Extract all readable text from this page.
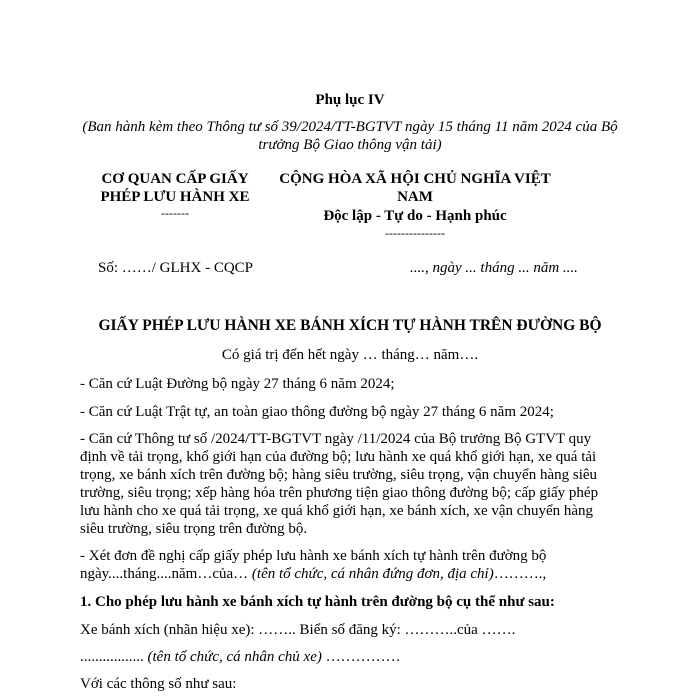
Phụ lục IV
(Ban hành kèm theo Thông tư số 39/2024/TT-BGTVT ngày 15 tháng 11 năm 2024 của Bộ
trưởng Bộ Giao thông vận tải)
CƠ QUAN CẤP GIẤY
PHÉP LƯU HÀNH XE
-------
CỘNG HÒA XÃ HỘI CHỦ NGHĨA VIỆT
NAM
Độc lập - Tự do - Hạnh phúc
---------------
Số: ……/ GLHX - CQCP	...., ngày ... tháng ... năm ....
GIẤY PHÉP LƯU HÀNH XE BÁNH XÍCH TỰ HÀNH TRÊN ĐƯỜNG BỘ
Có giá trị đến hết ngày … tháng… năm….
- Căn cứ Luật Đường bộ ngày 27 tháng 6 năm 2024;
- Căn cứ Luật Trật tự, an toàn giao thông đường bộ ngày 27 tháng 6 năm 2024;
- Căn cứ Thông tư số /2024/TT-BGTVT ngày /11/2024 của Bộ trưởng Bộ GTVT quy
định về tải trọng, khổ giới hạn của đường bộ; lưu hành xe quá khổ giới hạn, xe quá tải
trọng, xe bánh xích trên đường bộ; hàng siêu trường, siêu trọng, vận chuyển hàng siêu
trường, siêu trọng; xếp hàng hóa trên phương tiện giao thông đường bộ; cấp giấy phép
lưu hành cho xe quá tải trọng, xe quá khổ giới hạn, xe bánh xích, xe vận chuyển hàng
siêu trường, siêu trọng trên đường bộ.
- Xét đơn đề nghị cấp giấy phép lưu hành xe bánh xích tự hành trên đường bộ
ngày....tháng....năm…của… (tên tổ chức, cá nhân đứng đơn, địa chỉ)……….,
1. Cho phép lưu hành xe bánh xích tự hành trên đường bộ cụ thể như sau:
Xe bánh xích (nhãn hiệu xe): …….. Biển số đăng ký: ………..của …….
................. (tên tổ chức, cá nhân chủ xe) ……………
Với các thông số như sau:
